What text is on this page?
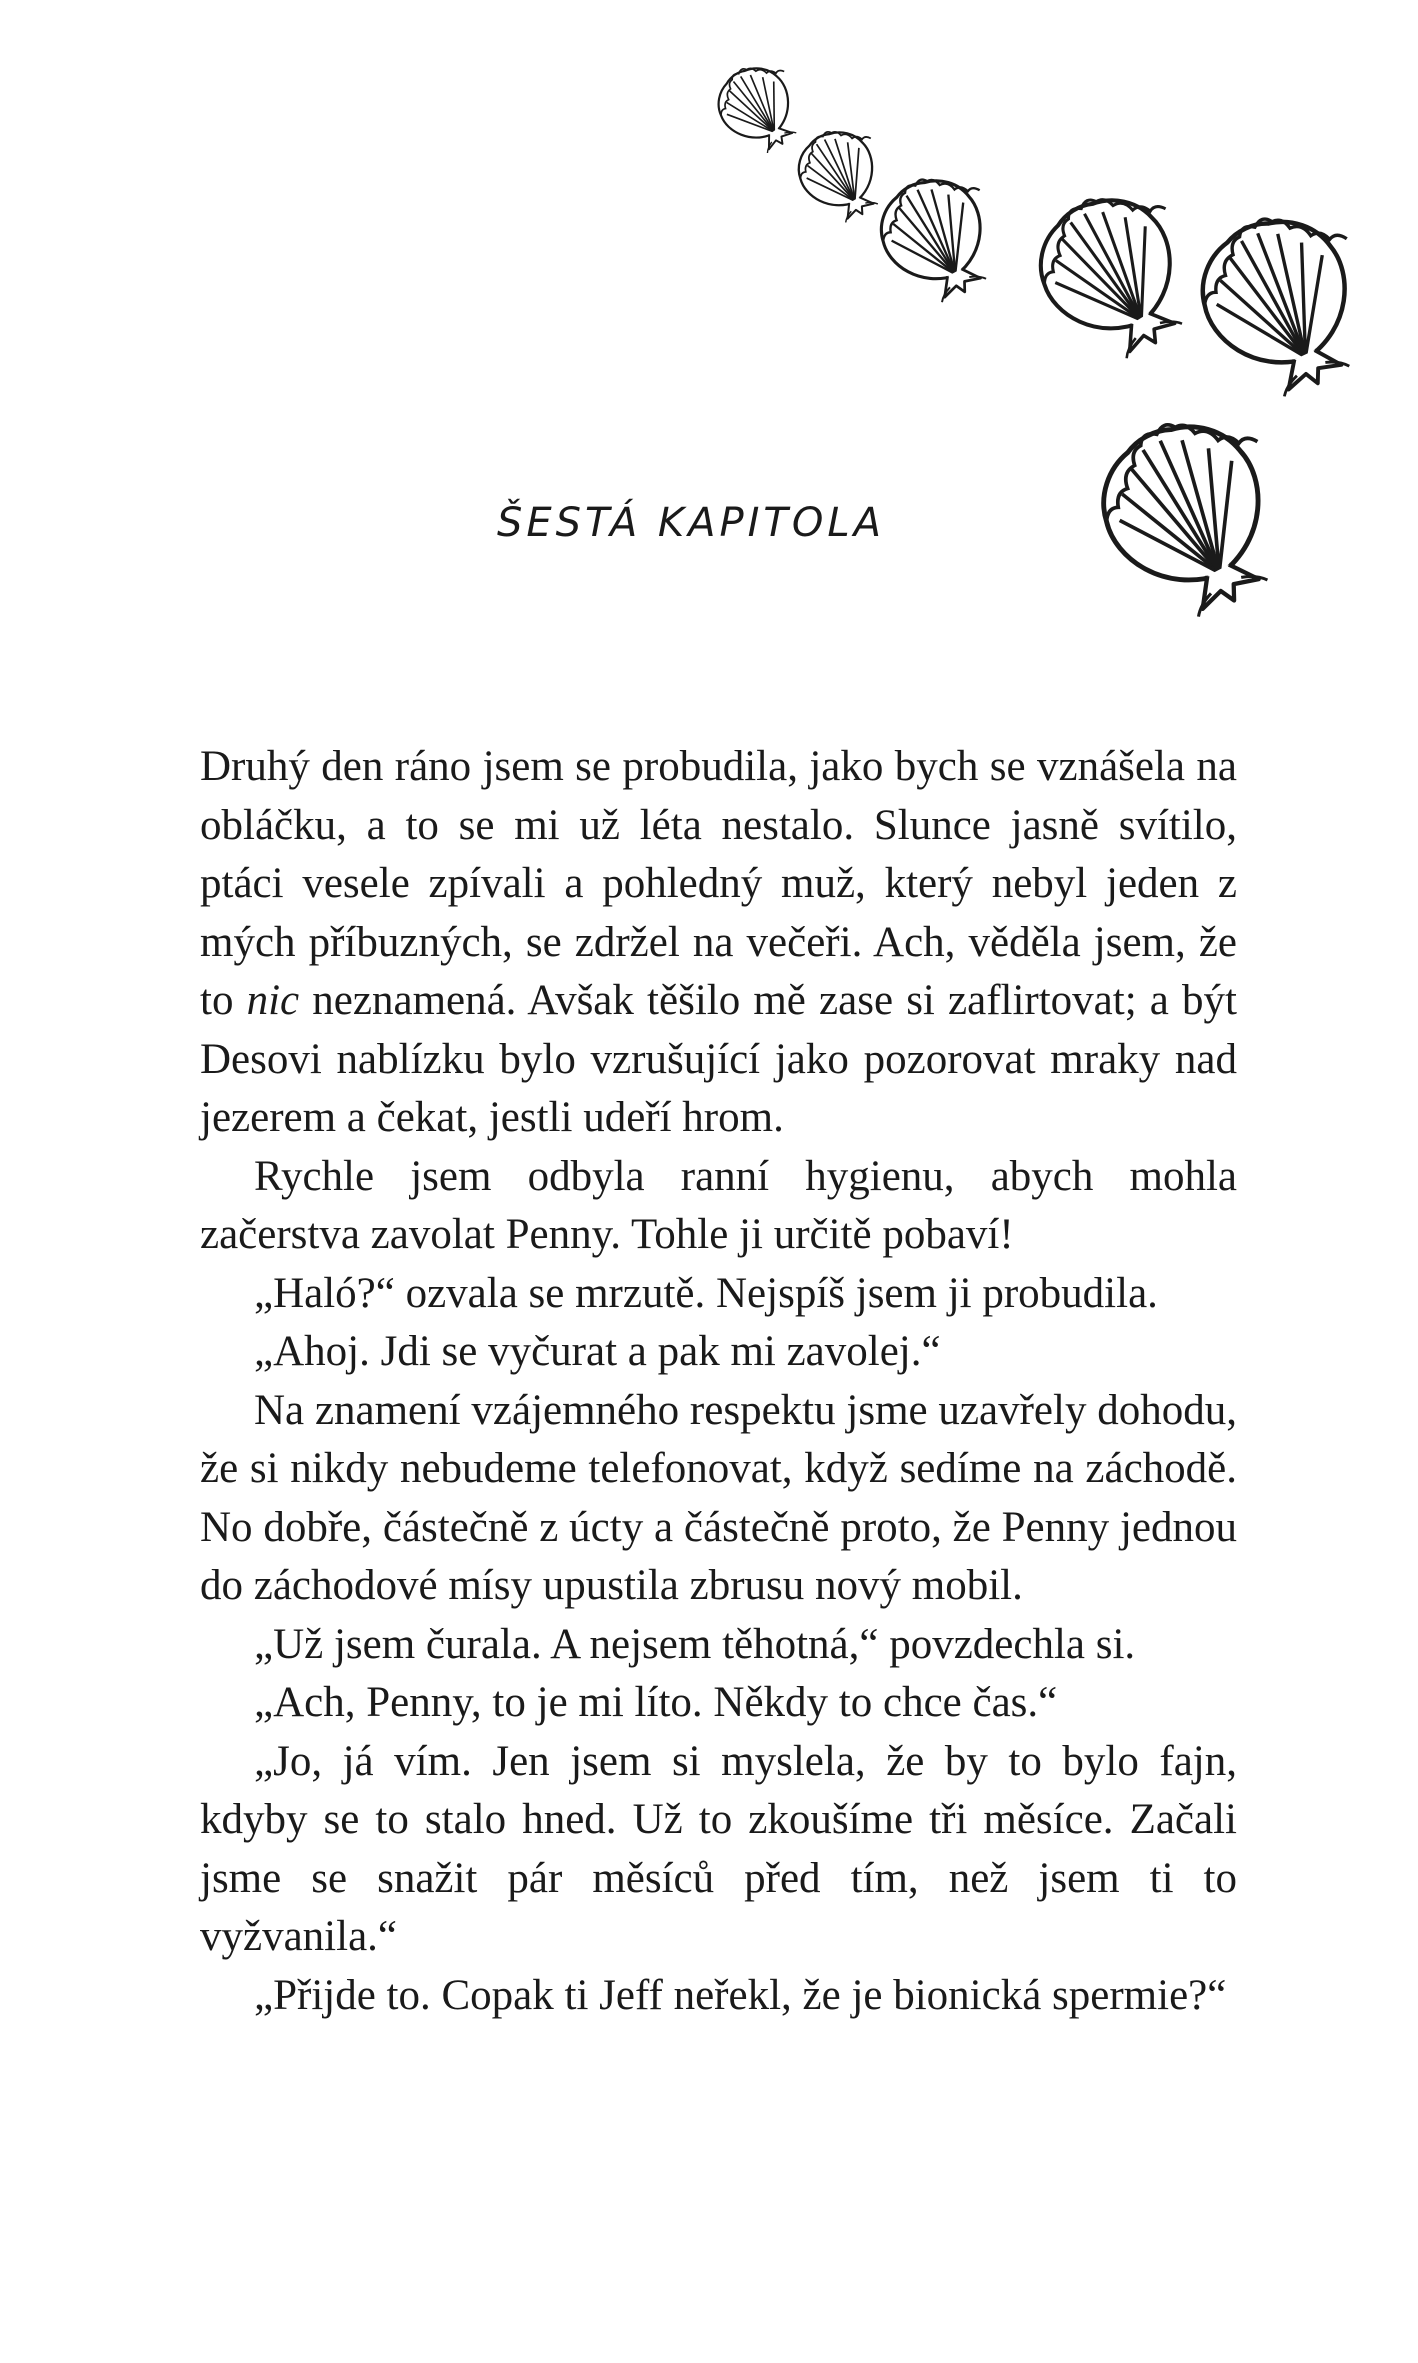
ŠESTÁ KAPITOLA

Druhý den ráno jsem se probudila, jako bych se vznášela na obláčku, a to se mi už léta nestalo. Slunce jasně svítilo, ptáci vesele zpívali a pohledný muž, který nebyl jeden z mých příbuzných, se zdržel na večeři. Ach, věděla jsem, že to nic neznamená. Avšak těšilo mě zase si zaflirtovat; a být Desovi nablízku bylo vzrušující jako pozorovat mraky nad jezerem a čekat, jestli udeří hrom.

Rychle jsem odbyla ranní hygienu, abych mohla začerstva zavolat Penny. Tohle ji určitě pobaví!

„Haló?“ ozvala se mrzutě. Nejspíš jsem ji probudila.

„Ahoj. Jdi se vyčurat a pak mi zavolej.“

Na znamení vzájemného respektu jsme uzavřely dohodu, že si nikdy nebudeme telefonovat, když sedíme na záchodě. No dobře, částečně z úcty a částečně proto, že Penny jednou do záchodové mísy upustila zbrusu nový mobil.

„Už jsem čurala. A nejsem těhotná,“ povzdechla si.

„Ach, Penny, to je mi líto. Někdy to chce čas.“

„Jo, já vím. Jen jsem si myslela, že by to bylo fajn, kdyby se to stalo hned. Už to zkoušíme tři měsíce. Začali jsme se snažit pár měsíců před tím, než jsem ti to vyžvanila.“

„Přijde to. Copak ti Jeff neřekl, že je bionická spermie?“
